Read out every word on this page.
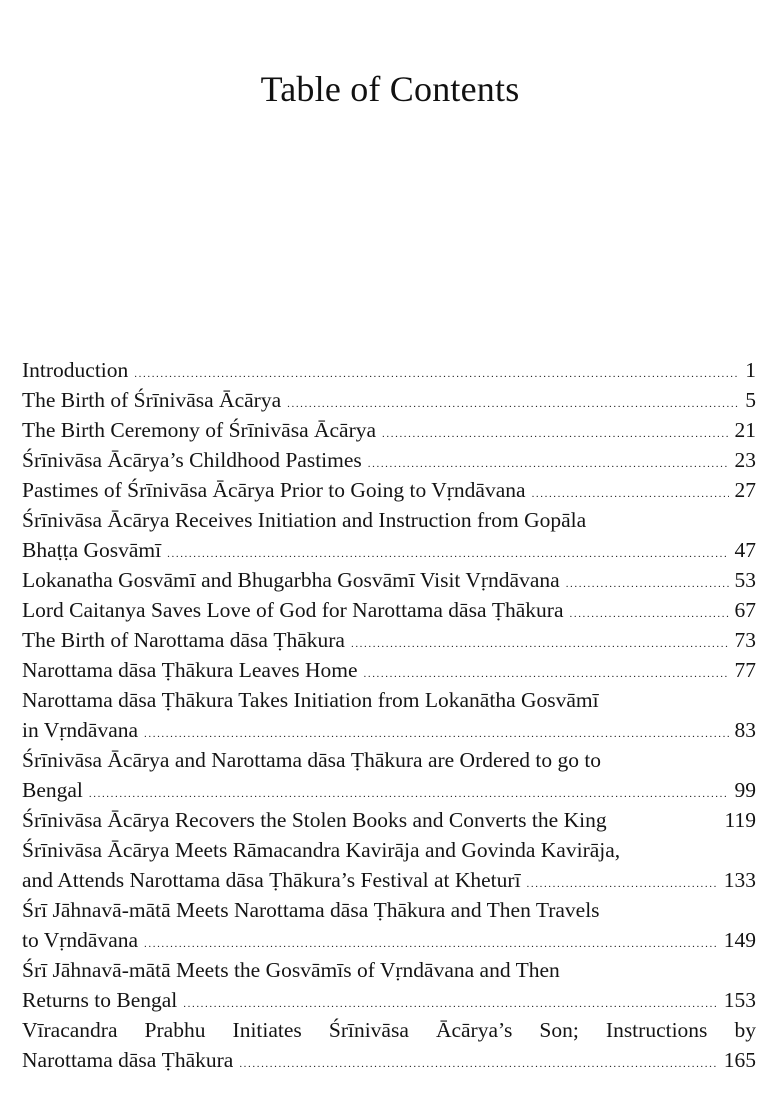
Table of Contents
Introduction .....	1
The Birth of Śrīnivāsa Ācārya .....	5
The Birth Ceremony of Śrīnivāsa Ācārya .....	21
Śrīnivāsa Ācārya’s Childhood Pastimes .....	23
Pastimes of Śrīnivāsa Ācārya Prior to Going to Vṛndāvana .....	27
Śrīnivāsa Ācārya Receives Initiation and Instruction from Gopāla
Bhaṭṭa Gosvāmī .....	47
Lokanatha Gosvāmī and Bhugarbha Gosvāmī Visit Vṛndāvana .....	53
Lord Caitanya Saves Love of God for Narottama dāsa Ṭhākura .....	67
The Birth of Narottama dāsa Ṭhākura .....	73
Narottama dāsa Ṭhākura Leaves Home .....	77
Narottama dāsa Ṭhākura Takes Initiation from Lokanātha Gosvāmī
in Vṛndāvana .....	83
Śrīnivāsa Ācārya and Narottama dāsa Ṭhākura are Ordered to go to
Bengal .....	99
Śrīnivāsa Ācārya Recovers the Stolen Books and Converts the King	119
Śrīnivāsa Ācārya Meets Rāmacandra Kavirāja and Govinda Kavirāja,
and Attends Narottama dāsa Ṭhākura’s Festival at Kheturī .....	133
Śrī Jāhnavā-mātā Meets Narottama dāsa Ṭhākura and Then Travels
to Vṛndāvana .....	149
Śrī Jāhnavā-mātā Meets the Gosvāmīs of Vṛndāvana and Then
Returns to Bengal .....	153
Vīracandra Prabhu Initiates Śrīnivāsa Ācārya’s Son; Instructions by
Narottama dāsa Ṭhākura .....	165
